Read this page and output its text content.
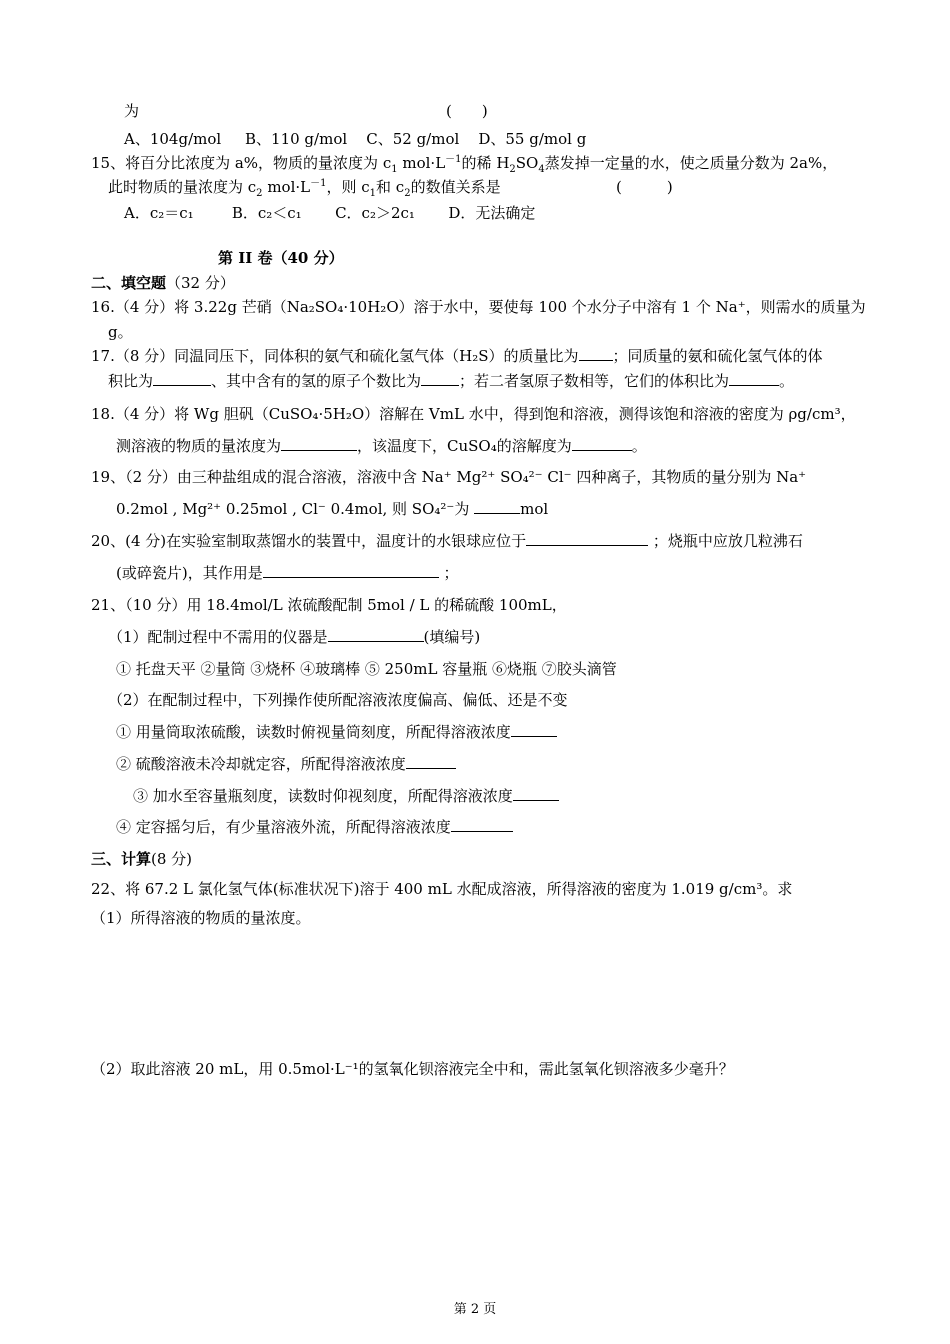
为	(　　)
A、104g/mol B、110 g/mol C、52 g/mol D、55 g/mol g
15、将百分比浓度为 a%，物质的量浓度为 $c_1$ $mol\cdot L^{-1}$的稀 $H_2SO_4$蒸发掉一定量的水，使之质量分数为 2a%，
此时物质的量浓度为 $c_2$ $mol\cdot L^{-1}$，则 $c_1$和 $c_2$的数值关系是	(　　　)
A．c₂＝c₁	B．c₂＜c₁ C．c₂＞2c₁ D．无法确定
第 II 卷（40 分）
二、填空题（32 分）
16.（4 分）将 3.22g 芒硝（Na₂SO₄·10H₂O）溶于水中，要使每 100 个水分子中溶有 1 个 Na⁺，则需水的质量为
g。
17.（8 分）同温同压下，同体积的氨气和硫化氢气体（H₂S）的质量比为 ；同质量的氨和硫化氢气体的体
积比为	、其中含有的氢的原子个数比为	；若二者氢原子数相等，它们的体积比为	。
18.（4 分）将 Wg 胆矾（CuSO₄·5H₂O）溶解在 VmL 水中，得到饱和溶液，测得该饱和溶液的密度为 ρg/cm³，
测溶液的物质的量浓度为	，该温度下，CuSO₄的溶解度为	。
19、（2 分）由三种盐组成的混合溶液，溶液中含 Na⁺ Mg²⁺ SO₄²⁻ Cl⁻ 四种离子，其物质的量分别为 Na⁺
0.2mol , Mg²⁺ 0.25mol , Cl⁻ 0.4mol, 则 SO₄²⁻为	mol
20、(4 分)在实验室制取蒸馏水的装置中，温度计的水银球应位于	；烧瓶中应放几粒沸石
(或碎瓷片)，其作用是	；
21、（10 分）用 18.4mol/L 浓硫酸配制 5mol / L 的稀硫酸 100mL，
（1）配制过程中不需用的仪器是	(填编号)
① 托盘天平 ②量筒 ③烧杯 ④玻璃棒 ⑤ 250mL 容量瓶 ⑥烧瓶 ⑦胶头滴管
（2）在配制过程中，下列操作使所配溶液浓度偏高、偏低、还是不变
① 用量筒取浓硫酸，读数时俯视量筒刻度，所配得溶液浓度
② 硫酸溶液未冷却就定容，所配得溶液浓度
③ 加水至容量瓶刻度，读数时仰视刻度，所配得溶液浓度
④ 定容摇匀后，有少量溶液外流，所配得溶液浓度
三、计算(8 分)
22、将 67.2 L 氯化氢气体(标准状况下)溶于 400 mL 水配成溶液，所得溶液的密度为 1.019 g/cm³。求
（1）所得溶液的物质的量浓度。
（2）取此溶液 20 mL，用 0.5mol·L⁻¹的氢氧化钡溶液完全中和，需此氢氧化钡溶液多少毫升？
第 2 页
